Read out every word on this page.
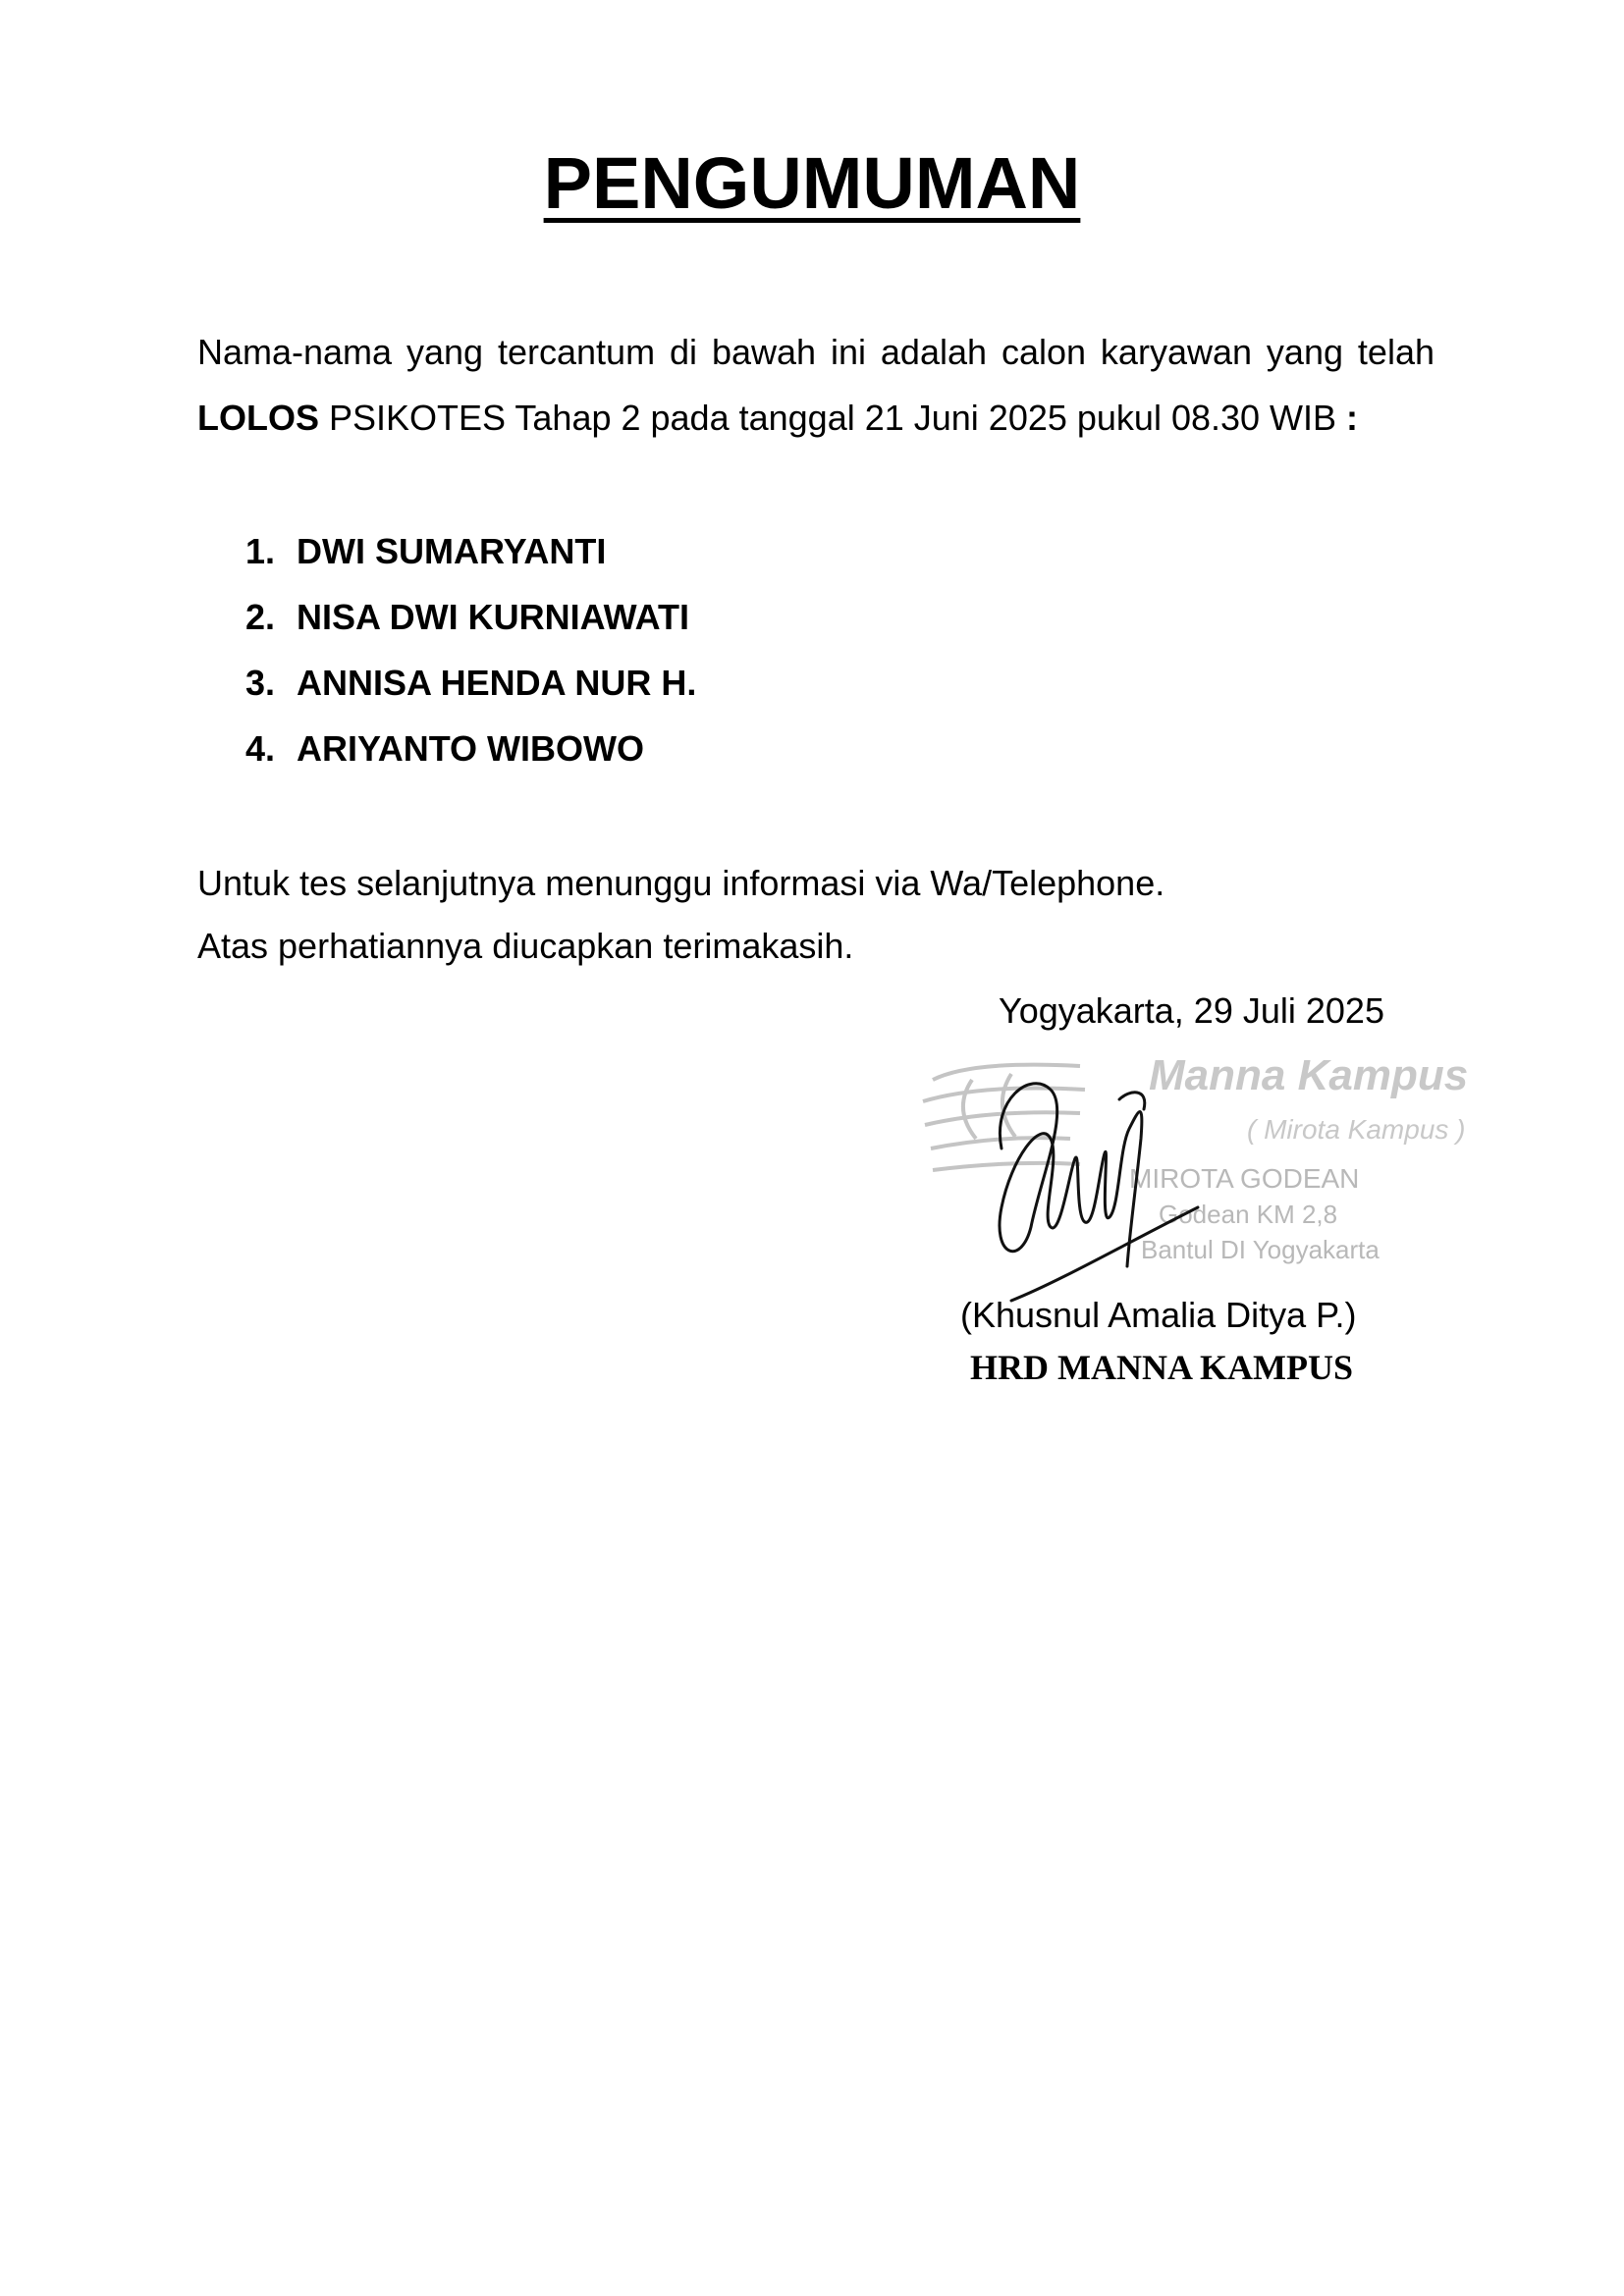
PENGUMUMAN

Nama-nama yang tercantum di bawah ini adalah calon karyawan yang telah LOLOS PSIKOTES Tahap 2 pada tanggal 21 Juni 2025 pukul 08.30 WIB :

1. DWI SUMARYANTI
2. NISA DWI KURNIAWATI
3. ANNISA HENDA NUR H.
4. ARIYANTO WIBOWO
Untuk tes selanjutnya menunggu informasi via Wa/Telephone.
Atas perhatiannya diucapkan terimakasih.
Yogyakarta, 29 Juli 2025
Manna Kampus
( Mirota Kampus )
MIROTA GODEAN
Godean KM 2,8
Bantul DI Yogyakarta
(Khusnul Amalia Ditya P.)
HRD MANNA KAMPUS
